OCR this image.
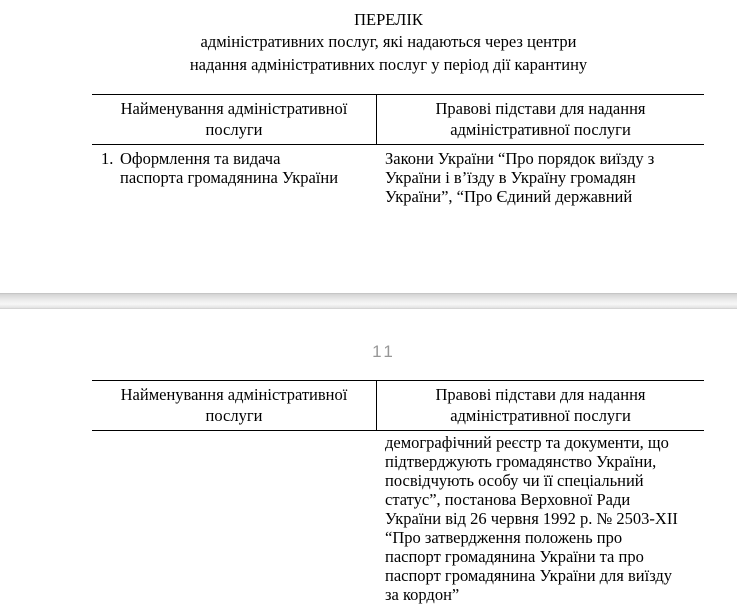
ПЕРЕЛІК
адміністративних послуг, які надаються через центри
надання адміністративних послуг у період дії карантину
Найменування адміністративної
послуги
Правові підстави для надання
адміністративної послуги
1. Оформлення та видача
паспорта громадянина України
Закони України “Про порядок виїзду з
України і в’їзду в Україну громадян
України”, “Про Єдиний державний
11
Найменування адміністративної
послуги
Правові підстави для надання
адміністративної послуги
демографічний реєстр та документи, що
підтверджують громадянство України,
посвідчують особу чи її спеціальний
статус”, постанова Верховної Ради
України від 26 червня 1992 р. № 2503-XII
“Про затвердження положень про
паспорт громадянина України та про
паспорт громадянина України для виїзду
за кордон”
